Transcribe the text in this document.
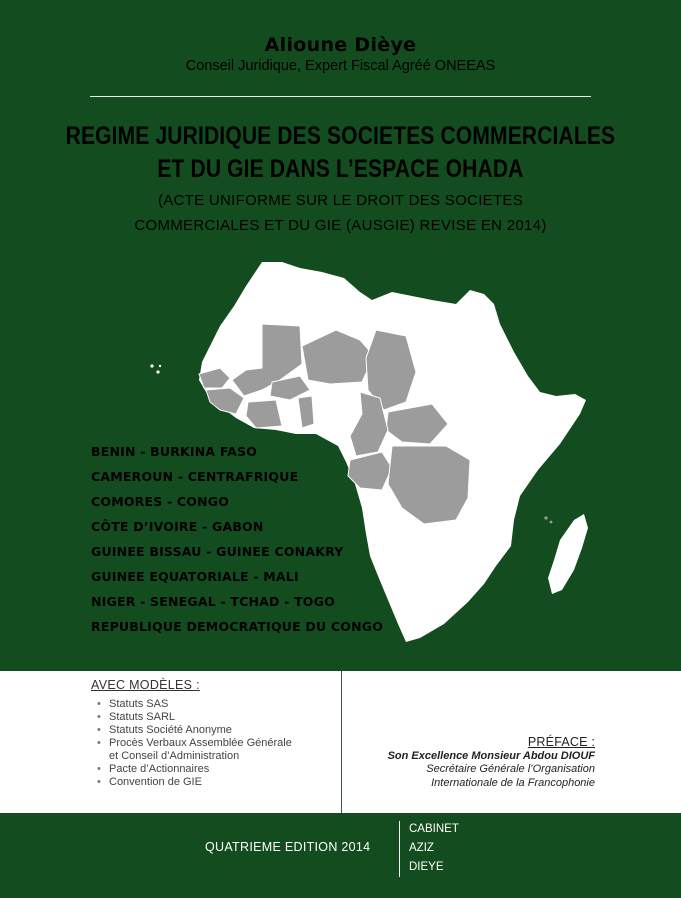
Alioune Dièye
Conseil Juridique, Expert Fiscal Agréé ONEEAS
REGIME JURIDIQUE DES SOCIETES COMMERCIALES
ET DU GIE DANS L’ESPACE OHADA
(ACTE UNIFORME SUR LE DROIT DES SOCIETES
COMMERCIALES ET DU GIE (AUSGIE) REVISE EN 2014)
BENIN - BURKINA FASO
CAMEROUN - CENTRAFRIQUE
COMORES - CONGO
CÔTE D’IVOIRE - GABON
GUINEE BISSAU - GUINEE CONAKRY
GUINEE EQUATORIALE - MALI
NIGER - SENEGAL - TCHAD - TOGO
REPUBLIQUE DEMOCRATIQUE DU CONGO
AVEC MODÈLES :
• Statuts SAS
• Statuts SARL
• Statuts Société Anonyme
• Procès Verbaux Assemblée Générale
et Conseil d’Administration
• Pacte d’Actionnaires
• Convention de GIE
PRÉFACE :
Son Excellence Monsieur Abdou DIOUF
Secrétaire Générale l’Organisation
Internationale de la Francophonie
QUATRIEME EDITION 2014
CABINET
AZIZ
DIEYE
